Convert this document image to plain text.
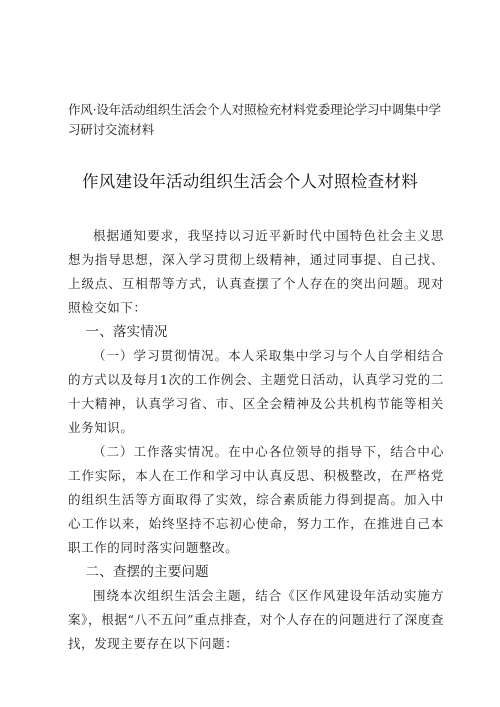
作风·设年活动组织生活会个人对照检充材料党委理论学习中调集中学习研讨交流材料
作风建设年活动组织生活会个人对照检查材料

根据通知要求，我坚持以习近平新时代中国特色社会主义思想为指导思想，深入学习贯彻上级精神，通过同事提、自己找、上级点、互相帮等方式，认真查摆了个人存在的突出问题。现对照检交如下：

一、落实情况

（一）学习贯彻情况。本人采取集中学习与个人自学相结合的方式以及每月1次的工作例会、主题党日活动，认真学习党的二十大精神，认真学习省、市、区全会精神及公共机构节能等相关业务知识。

（二）工作落实情况。在中心各位领导的指导下，结合中心工作实际，本人在工作和学习中认真反思、积极整改，在严格党的组织生活等方面取得了实效，综合素质能力得到提高。加入中心工作以来，始终坚持不忘初心使命，努力工作，在推进自己本职工作的同时落实问题整改。

二、查摆的主要问题

围绕本次组织生活会主题，结合《区作风建设年活动实施方案》，根据“八不五问”重点排查，对个人存在的问题进行了深度查找，发现主要存在以下问题：
